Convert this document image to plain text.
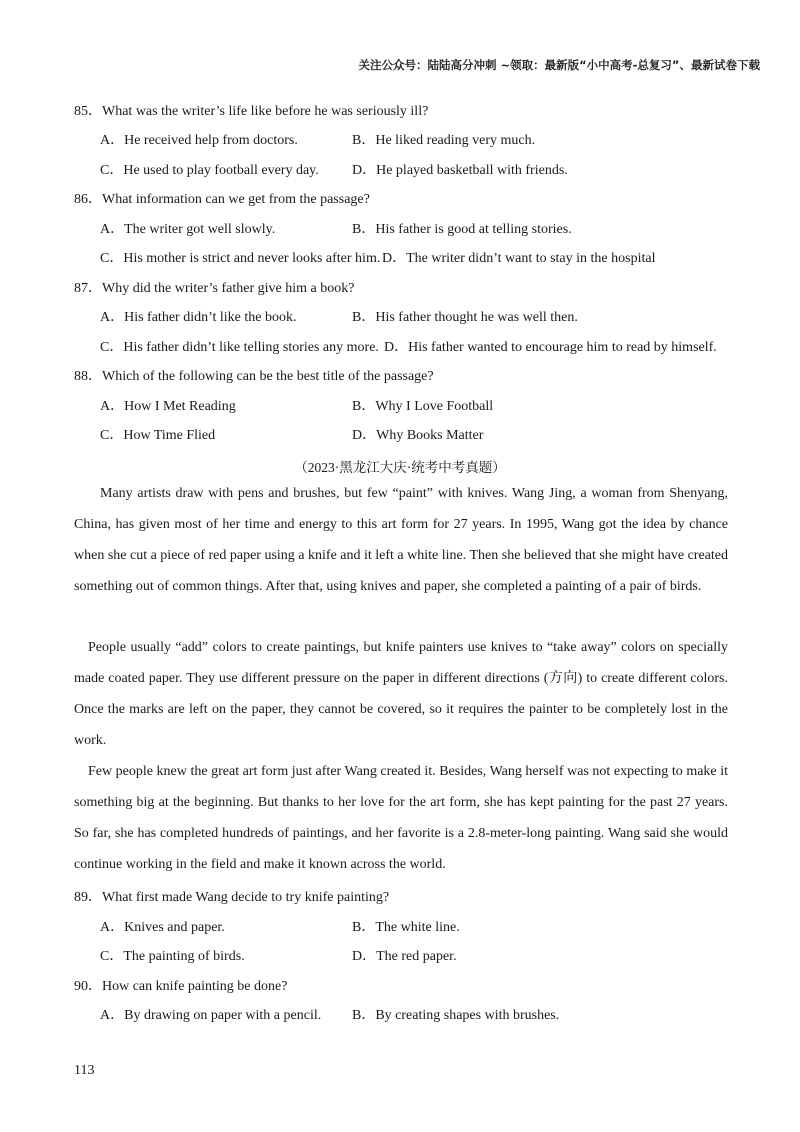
关注公众号：陆陆高分冲刺 ~领取：最新版“小中高考-总复习”、最新试卷下载
85．What was the writer’s life like before he was seriously ill?
A．He received help from doctors.	B．He liked reading very much.
C．He used to play football every day. D．He played basketball with friends.
86．What information can we get from the passage?
A．The writer got well slowly.	B．His father is good at telling stories.
C．His mother is strict and never looks after him. D．The writer didn’t want to stay in the hospital
87．Why did the writer’s father give him a book?
A．His father didn’t like the book.	B．His father thought he was well then.
C．His father didn’t like telling stories any more. D．His father wanted to encourage him to read by himself.
88．Which of the following can be the best title of the passage?
A．How I Met Reading	B．Why I Love Football
C．How Time Flied	D．Why Books Matter
（2023·黑龙江大庆·统考中考真题）
Many artists draw with pens and brushes, but few “paint” with knives. Wang Jing, a woman from Shenyang, China, has given most of her time and energy to this art form for 27 years. In 1995, Wang got the idea by chance when she cut a piece of red paper using a knife and it left a white line. Then she believed that she might have created something out of common things. After that, using knives and paper, she completed a painting of a pair of birds.
People usually “add” colors to create paintings, but knife painters use knives to “take away” colors on specially made coated paper. They use different pressure on the paper in different directions (方向) to create different colors. Once the marks are left on the paper, they cannot be covered, so it requires the painter to be completely lost in the work.
Few people knew the great art form just after Wang created it. Besides, Wang herself was not expecting to make it something big at the beginning. But thanks to her love for the art form, she has kept painting for the past 27 years. So far, she has completed hundreds of paintings, and her favorite is a 2.8-meter-long painting. Wang said she would continue working in the field and make it known across the world.
89．What first made Wang decide to try knife painting?
A．Knives and paper.	B．The white line.
C．The painting of birds.	D．The red paper.
90．How can knife painting be done?
A．By drawing on paper with a pencil. B．By creating shapes with brushes.
113
